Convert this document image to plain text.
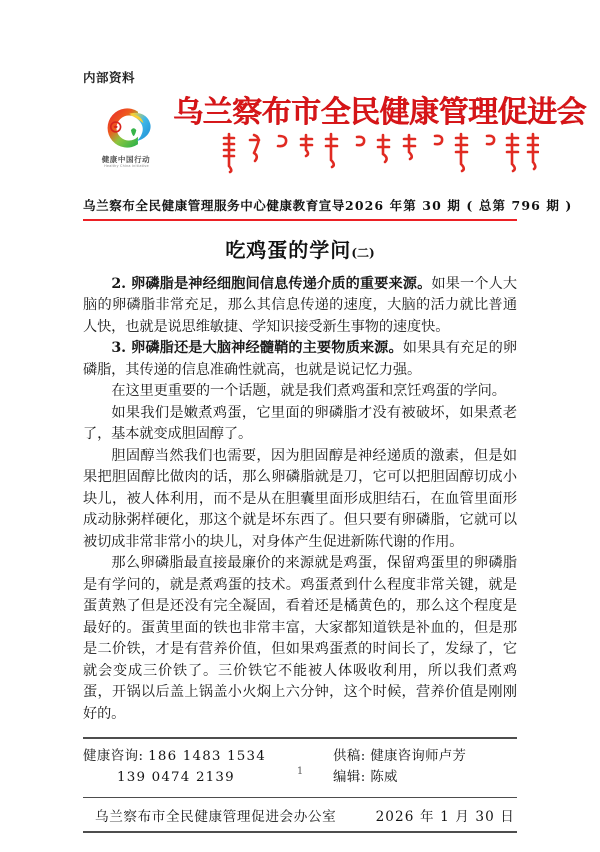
内部资料
健康中国行动
Healthy China Initiative
乌兰察布市全民健康管理促进会
乌兰察布全民健康管理服务中心健康教育宣导 2026 年第 30 期 ( 总第 796 期 )
吃鸡蛋的学问(二)

2. 卵磷脂是神经细胞间信息传递介质的重要来源。如果一个人大脑的卵磷脂非常充足，那么其信息传递的速度，大脑的活力就比普通人快，也就是说思维敏捷、学知识接受新生事物的速度快。

3. 卵磷脂还是大脑神经髓鞘的主要物质来源。如果具有充足的卵磷脂，其传递的信息准确性就高，也就是说记忆力强。

在这里更重要的一个话题，就是我们煮鸡蛋和烹饪鸡蛋的学问。

如果我们是嫩煮鸡蛋，它里面的卵磷脂才没有被破坏，如果煮老了，基本就变成胆固醇了。

胆固醇当然我们也需要，因为胆固醇是神经递质的激素，但是如果把胆固醇比做肉的话，那么卵磷脂就是刀，它可以把胆固醇切成小块儿，被人体利用，而不是从在胆囊里面形成胆结石，在血管里面形成动脉粥样硬化，那这个就是坏东西了。但只要有卵磷脂，它就可以被切成非常非常小的块儿，对身体产生促进新陈代谢的作用。

那么卵磷脂最直接最廉价的来源就是鸡蛋，保留鸡蛋里的卵磷脂是有学问的，就是煮鸡蛋的技术。鸡蛋煮到什么程度非常关键，就是蛋黄熟了但是还没有完全凝固，看着还是橘黄色的，那么这个程度是最好的。蛋黄里面的铁也非常丰富，大家都知道铁是补血的，但是那是二价铁，才是有营养价值，但如果鸡蛋煮的时间长了，发绿了，它就会变成三价铁了。三价铁它不能被人体吸收利用，所以我们煮鸡蛋，开锅以后盖上锅盖小火焖上六分钟，这个时候，营养价值是刚刚好的。

健康咨询: 186 1483 1534
139 0474 2139
供稿: 健康咨询师卢芳
编辑: 陈威
乌兰察布市全民健康管理促进会办公室	2026 年 1 月 30 日
1
